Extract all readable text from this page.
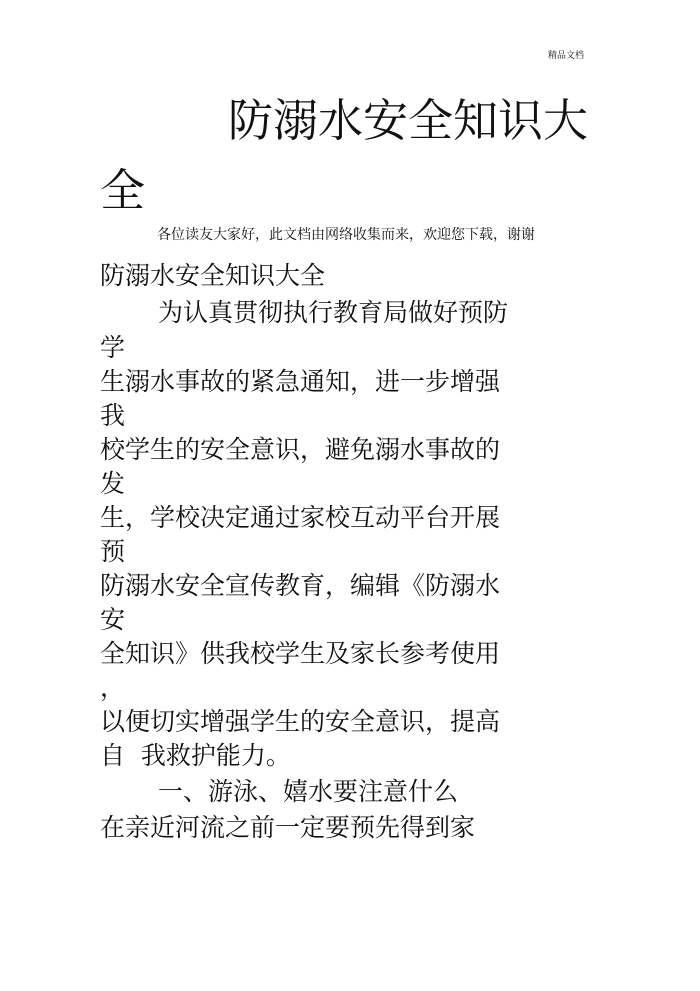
精品文档
防溺水安全知识大
全
各位读友大家好，此文档由网络收集而来，欢迎您下载，谢谢
防溺水安全知识大全
为认真贯彻执行教育局做好预防
学
生溺水事故的紧急通知，进一步增强
我
校学生的安全意识，避免溺水事故的
发
生，学校决定通过家校互动平台开展
预
防溺水安全宣传教育，编辑《防溺水
安
全知识》供我校学生及家长参考使用
，
以便切实增强学生的安全意识，提高
自  我救护能力。
一、游泳、嬉水要注意什么
在亲近河流之前一定要预先得到家
